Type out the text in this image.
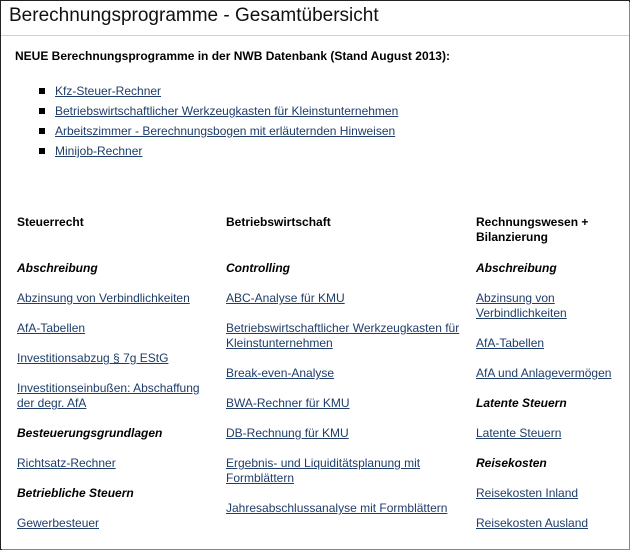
Berechnungsprogramme - Gesamtübersicht
NEUE Berechnungsprogramme in der NWB Datenbank (Stand August 2013):
Kfz-Steuer-Rechner
Betriebswirtschaftlicher Werkzeugkasten für Kleinstunternehmen
Arbeitszimmer - Berechnungsbogen mit erläuternden Hinweisen
Minijob-Rechner

Steuerrecht

Abschreibung

Abzinsung von Verbindlichkeiten

AfA-Tabellen

Investitionsabzug § 7g EStG

Investitionseinbußen: Abschaffung der degr. AfA

Besteuerungsgrundlagen

Richtsatz-Rechner

Betriebliche Steuern

Gewerbesteuer

Betriebswirtschaft

Controlling

ABC-Analyse für KMU

Betriebswirtschaftlicher Werkzeugkasten für Kleinstunternehmen

Break-even-Analyse

BWA-Rechner für KMU

DB-Rechnung für KMU

Ergebnis- und Liquiditätsplanung mit Formblättern

Jahresabschlussanalyse mit Formblättern

Rechnungswesen + Bilanzierung

Abschreibung

Abzinsung von Verbindlichkeiten

AfA-Tabellen

AfA und Anlagevermögen

Latente Steuern

Latente Steuern

Reisekosten

Reisekosten Inland

Reisekosten Ausland
